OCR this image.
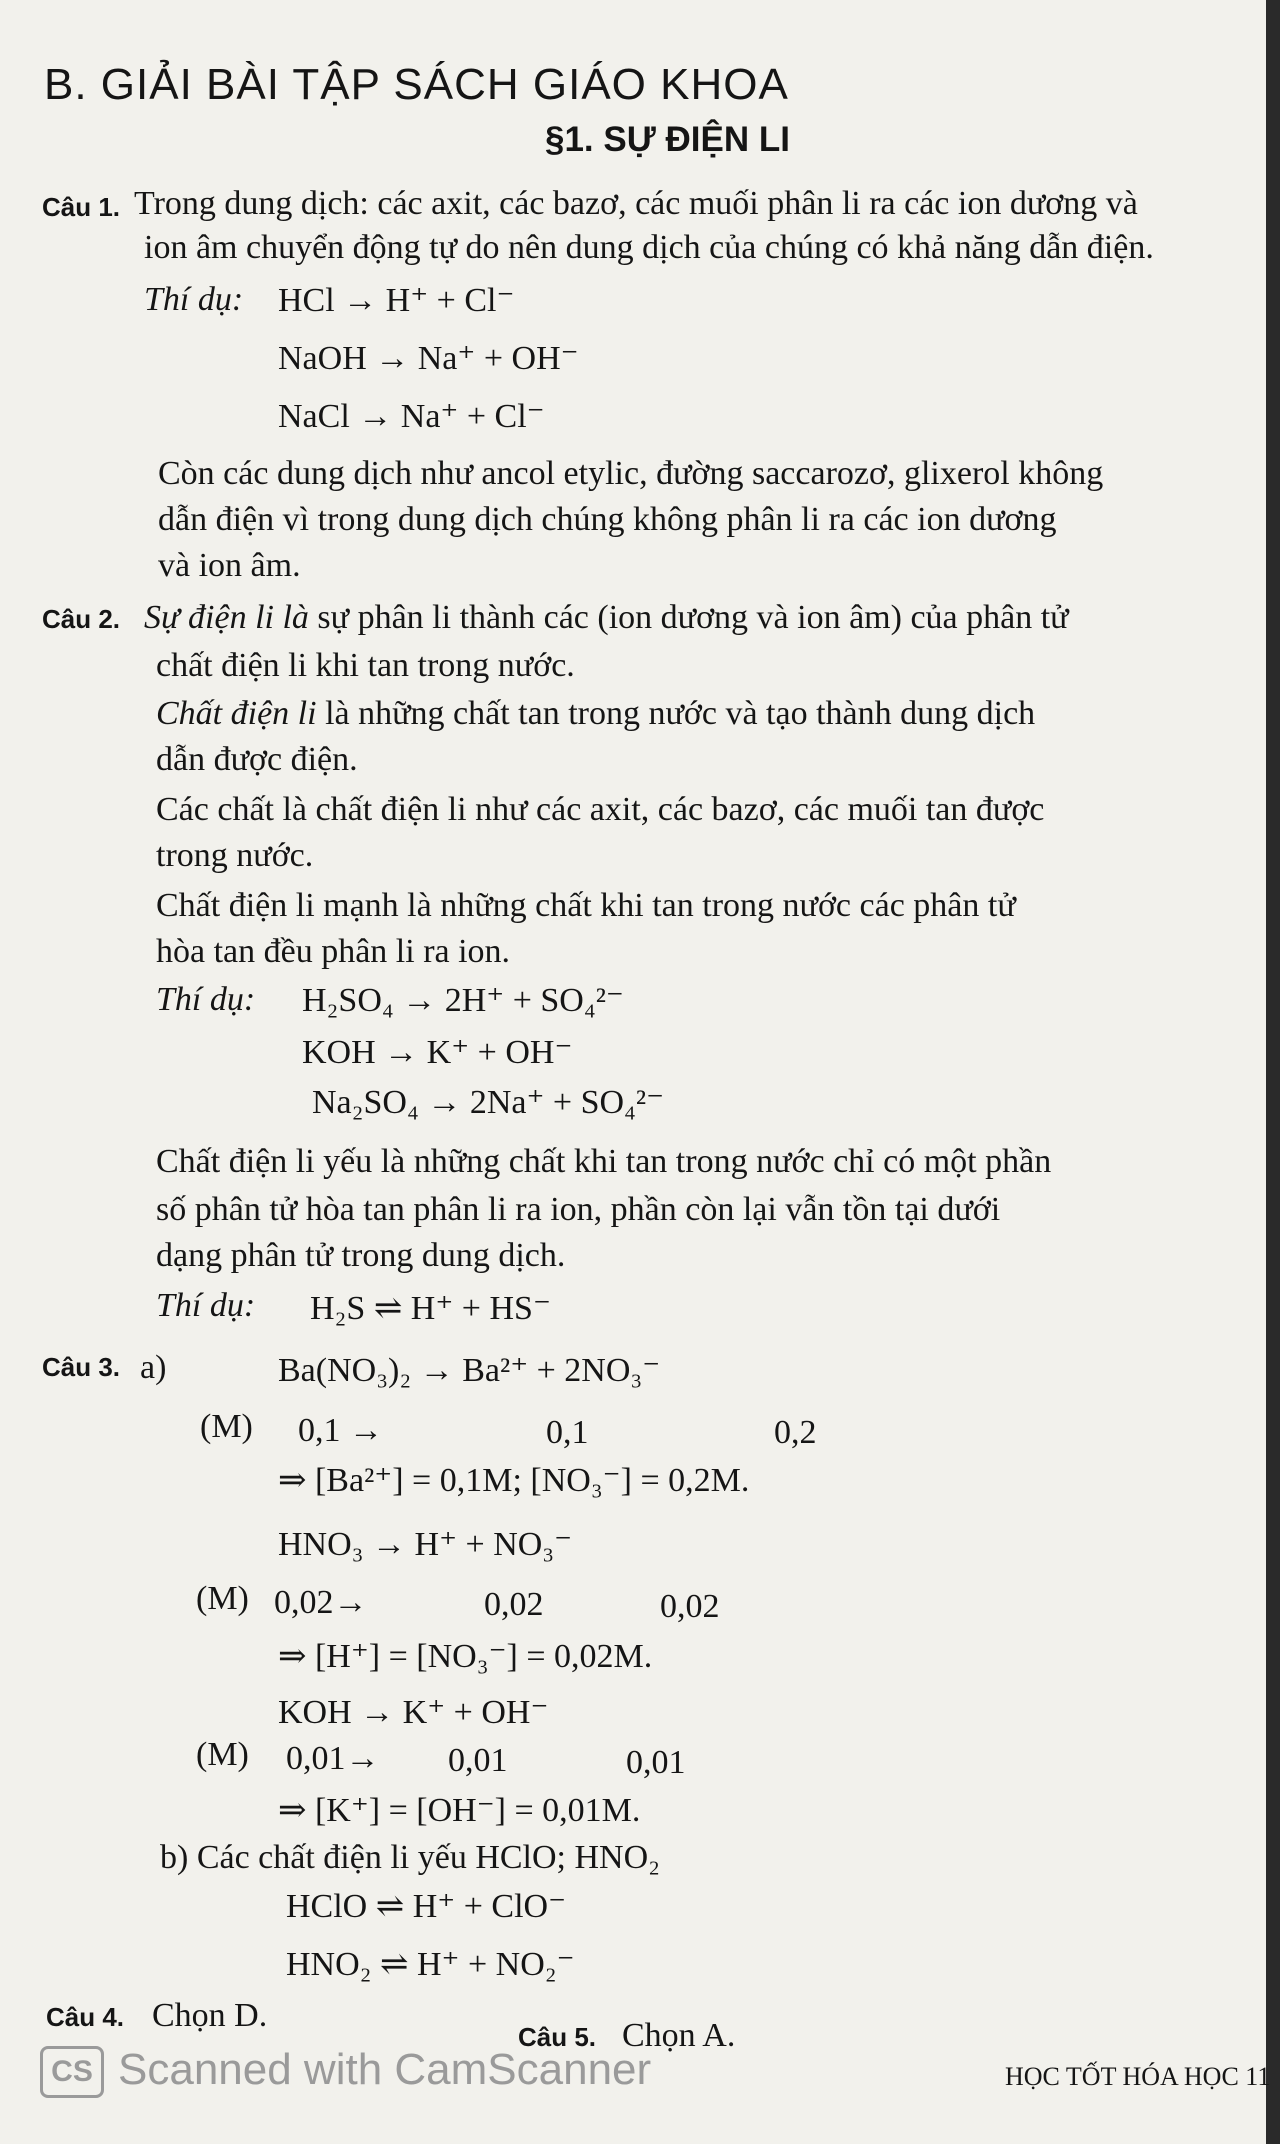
B. GIẢI BÀI TẬP SÁCH GIÁO KHOA
§1. SỰ ĐIỆN LI
Câu 1. Trong dung dịch: các axit, các bazơ, các muối phân li ra các ion dương và
ion âm chuyển động tự do nên dung dịch của chúng có khả năng dẫn điện.
Thí dụ: HCl → H⁺ + Cl⁻
NaOH → Na⁺ + OH⁻
NaCl → Na⁺ + Cl⁻
Còn các dung dịch như ancol etylic, đường saccarozơ, glixerol không
dẫn điện vì trong dung dịch chúng không phân li ra các ion dương
và ion âm.
Câu 2. Sự điện li là sự phân li thành các (ion dương và ion âm) của phân tử
chất điện li khi tan trong nước.
Chất điện li là những chất tan trong nước và tạo thành dung dịch
dẫn được điện.
Các chất là chất điện li như các axit, các bazơ, các muối tan được
trong nước.
Chất điện li mạnh là những chất khi tan trong nước các phân tử
hòa tan đều phân li ra ion.
Thí dụ: H₂SO₄ → 2H⁺ + SO₄²⁻
KOH → K⁺ + OH⁻
Na₂SO₄ → 2Na⁺ + SO₄²⁻
Chất điện li yếu là những chất khi tan trong nước chỉ có một phần
số phân tử hòa tan phân li ra ion, phần còn lại vẫn tồn tại dưới
dạng phân tử trong dung dịch.
Thí dụ: H₂S ⇌ H⁺ + HS⁻
Câu 3. a)	Ba(NO₃)₂ → Ba²⁺ + 2NO₃⁻
(M) 0,1 →	0,1	0,2
⇒ [Ba²⁺] = 0,1M; [NO₃⁻] = 0,2M.
HNO₃ → H⁺ + NO₃⁻
(M) 0,02→	0,02	0,02
⇒ [H⁺] = [NO₃⁻] = 0,02M.
KOH → K⁺ + OH⁻
(M) 0,01→ 0,01	0,01
⇒ [K⁺] = [OH⁻] = 0,01M.
b) Các chất điện li yếu HClO; HNO₂
HClO ⇌ H⁺ + ClO⁻
HNO₂ ⇌ H⁺ + NO₂⁻
Câu 4. Chọn D.
Câu 5. Chọn A.
CS Scanned with CamScanner	HỌC TỐT HÓA HỌC 11
